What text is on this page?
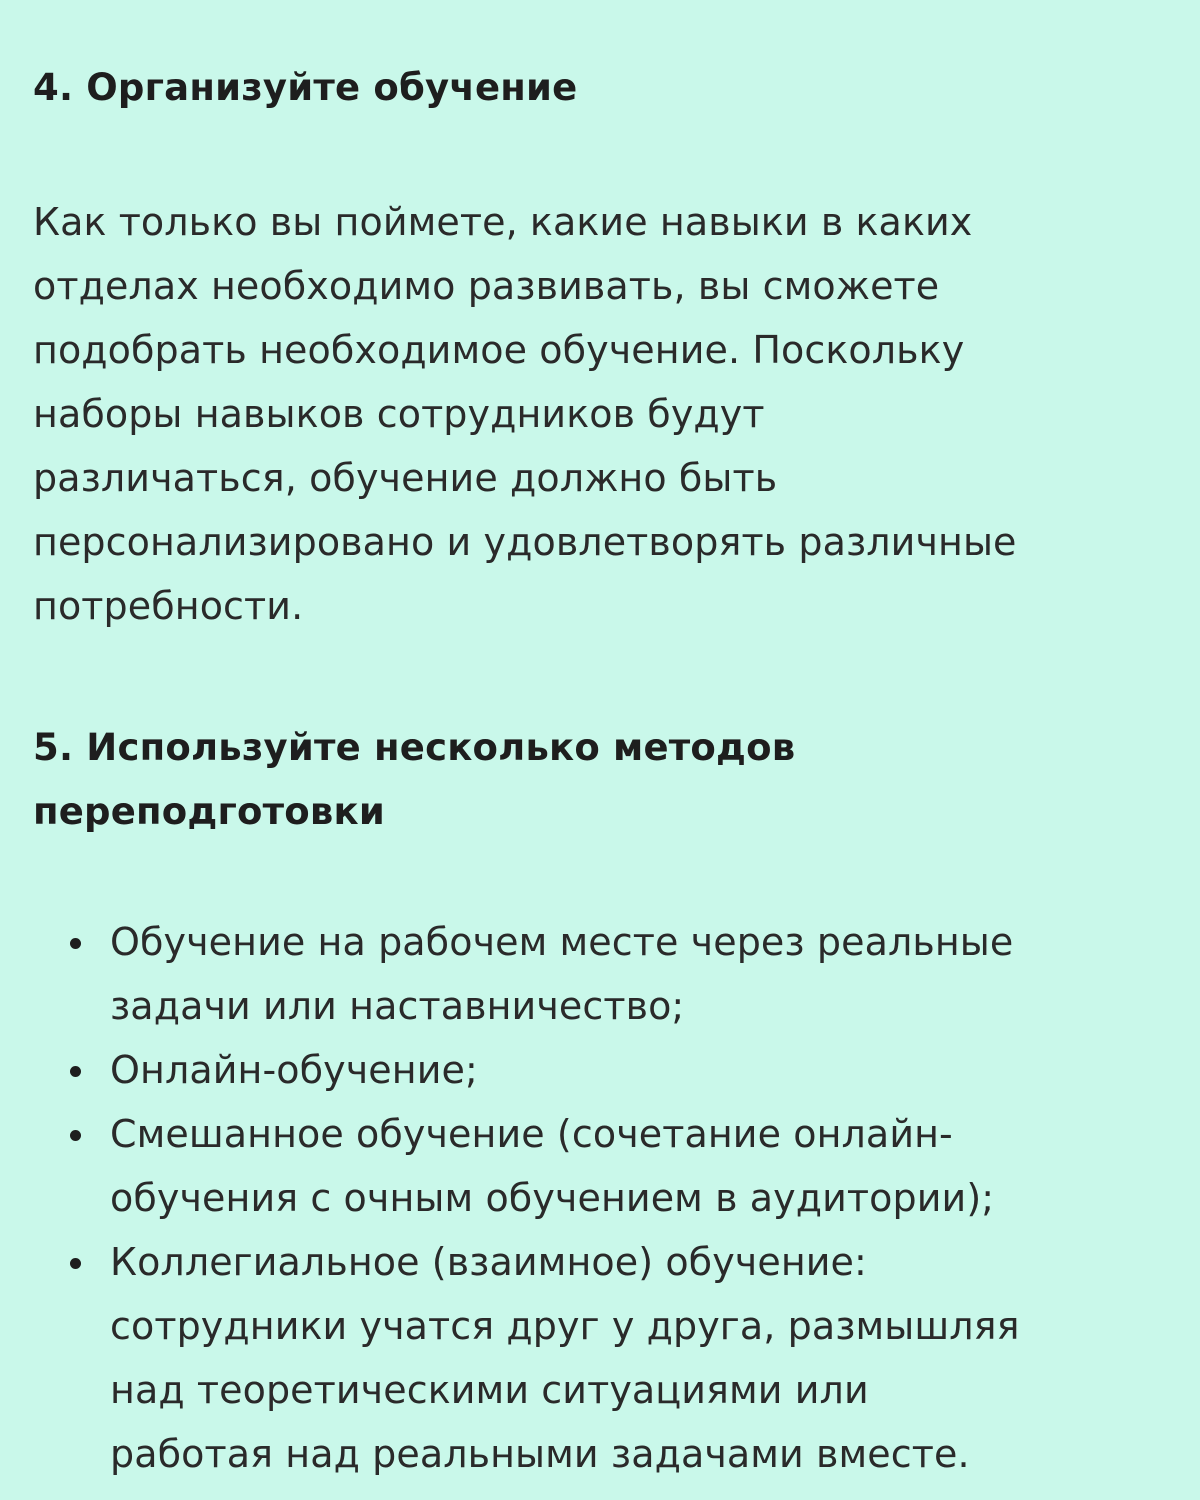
4. Организуйте обучение

Как только вы поймете, какие навыки в каких
отделах необходимо развивать, вы сможете
подобрать необходимое обучение. Поскольку
наборы навыков сотрудников будут
различаться, обучение должно быть
персонализировано и удовлетворять различные
потребности.

5. Используйте несколько методов
переподготовки
Обучение на рабочем месте через реальные
задачи или наставничество;
Онлайн-обучение;
Смешанное обучение (сочетание онлайн-
обучения с очным обучением в аудитории);
Коллегиальное (взаимное) обучение:
сотрудники учатся друг у друга, размышляя
над теоретическими ситуациями или
работая над реальными задачами вместе.
